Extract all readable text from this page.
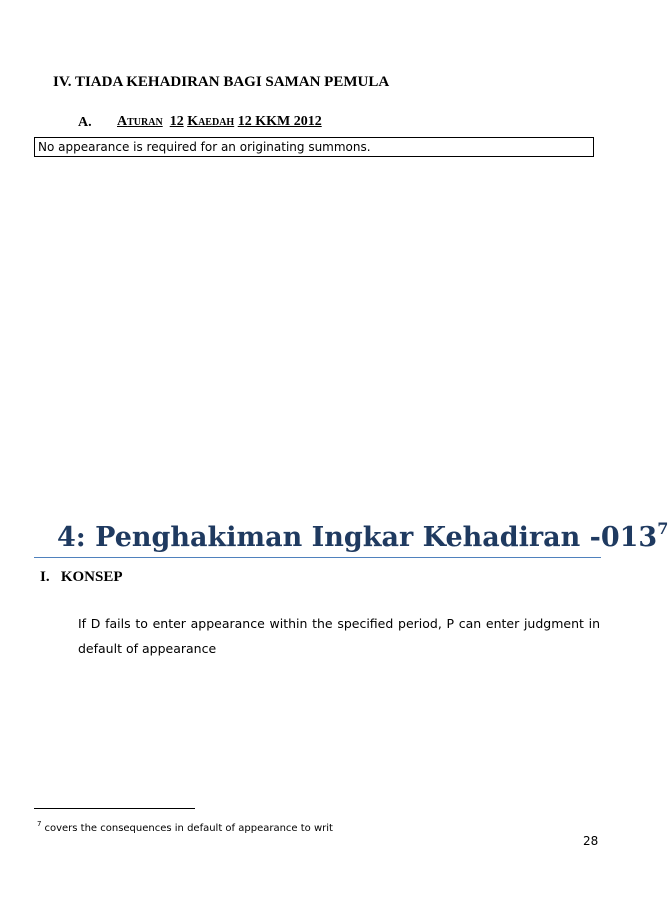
IV. TIADA KEHADIRAN BAGI SAMAN PEMULA
A. ATURAN 12 KAEDAH 12 KKM 2012
No appearance is required for an originating summons.
4: Penghakiman Ingkar Kehadiran $-013^7$
I.   KONSEP
If D fails to enter appearance within the specified period, P can enter judgment in default of appearance
$^7$ covers the consequences in default of appearance to writ
28
